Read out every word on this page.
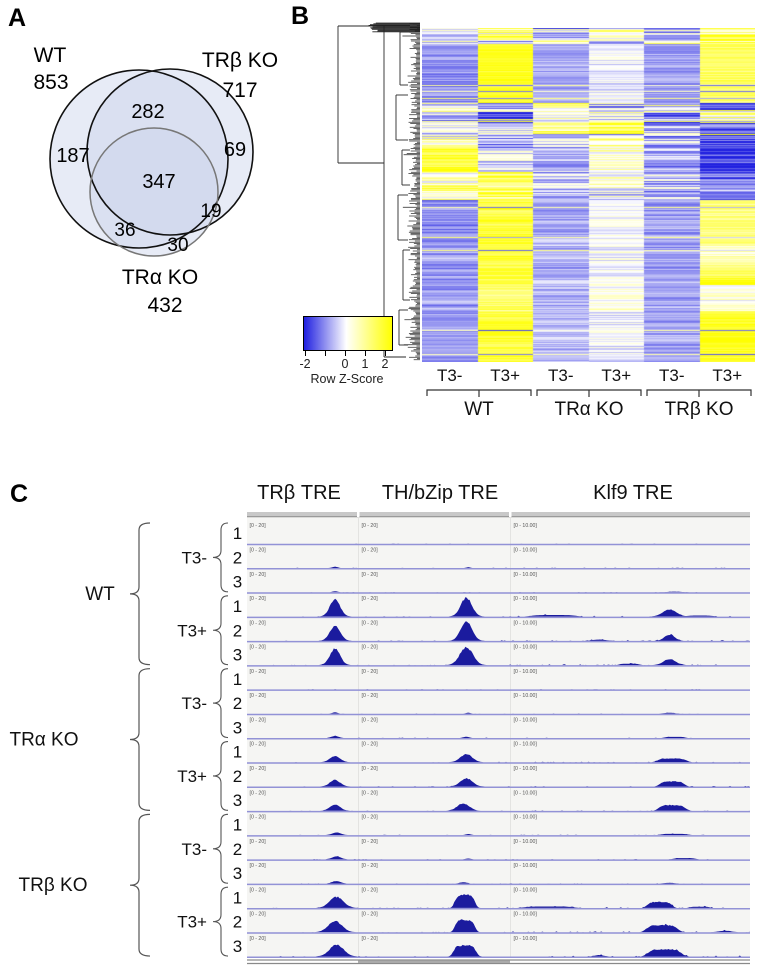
A
WT
853
TRβ KO
717
TRα KO
432
282
187	69
347
19
36
30
B
T3- T3+ T3- T3+ T3- T3+
WT	TRα KO TRβ KO
-2 0 1 2
Row Z-Score
C	TRβ TRE TH/bZip TRE	Klf9 TRE
WT
T3-
1
2
3
T3+
1
2
3
TRα KO
T3-
1
2
3
T3+
1
2
3
TRβ KO
T3-
1
2
3
T3+
1
2
3
[0 - 20]	[0 - 20]	[0 - 10.00]
[0 - 20]	[0 - 20]	[0 - 10.00]
[0 - 20]	[0 - 20]	[0 - 10.00]
[0 - 20]	[0 - 20]	[0 - 10.00]
[0 - 20]	[0 - 20]	[0 - 10.00]
[0 - 20]	[0 - 20]	[0 - 10.00]
[0 - 20]	[0 - 20]	[0 - 10.00]
[0 - 20]	[0 - 20]	[0 - 10.00]
[0 - 20]	[0 - 20]	[0 - 10.00]
[0 - 20]	[0 - 20]	[0 - 10.00]
[0 - 20]	[0 - 20]	[0 - 10.00]
[0 - 20]	[0 - 20]	[0 - 10.00]
[0 - 20]	[0 - 20]	[0 - 10.00]
[0 - 20]	[0 - 20]	[0 - 10.00]
[0 - 20]	[0 - 20]	[0 - 10.00]
[0 - 20]	[0 - 20]	[0 - 10.00]
[0 - 20]	[0 - 20]	[0 - 10.00]
[0 - 20]	[0 - 20]	[0 - 10.00]
